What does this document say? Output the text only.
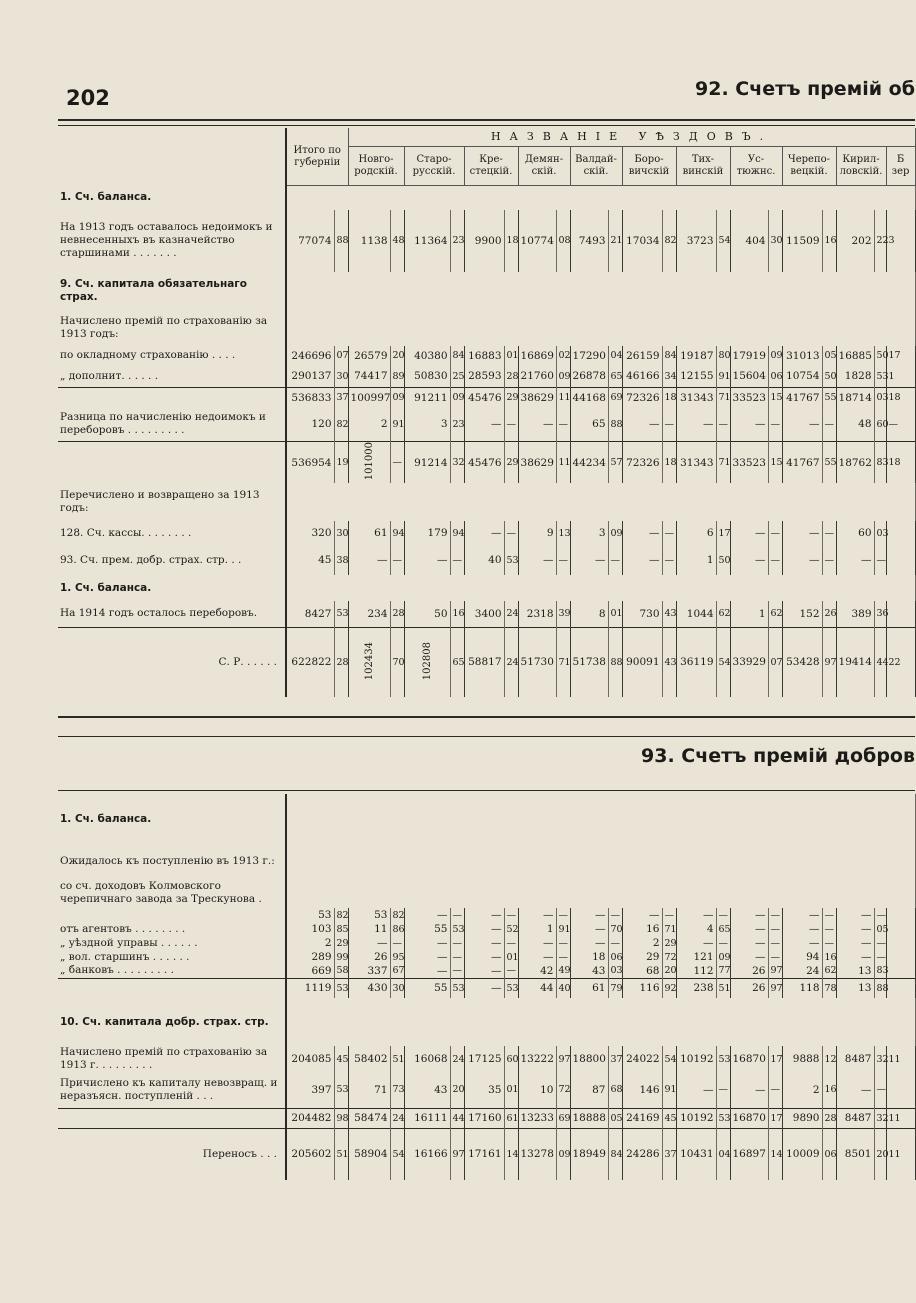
202	92. Счетъ премій об
	Итого по губерніи		НАЗВАНІЕ УѢЗДОВЪ.																				
			Новго-родскій.		Старо-русскій.		Кре-стецкій.		Демян-скій.		Валдай-скій.		Боро-вичскій		Тих-винскій		Ус-тюжнс.		Черепо-вецкій.		Кирил-ловскій.		Б зер
1. Сч. баланса.																							
На 1913 годъ оставалось недоимокъ и невнесенныхъ въ казначейство старшинами . . . . . . .	77074	88	1138	48	11364	23	9900	18	10774	08	7493	21	17034	82	3723	54	404	30	11509	16	202	22	3
9. Сч. капитала обязательнаго страх.																							
Начислено премій по страхованію за 1913 годъ:																							
по окладному страхованію . . . .	246696	07	26579	20	40380	84	16883	01	16869	02	17290	04	26159	84	19187	80	17919	09	31013	05	16885	50	17
„ дополнит. . . . . .	290137	30	74417	89	50830	25	28593	28	21760	09	26878	65	46166	34	12155	91	15604	06	10754	50	1828	53	1
	536833	37	100997	09	91211	09	45476	29	38629	11	44168	69	72326	18	31343	71	33523	15	41767	55	18714	03	18
Разница по начисленію недоимокъ и переборовъ . . . . . . . . .	120	82	2	91	3	23	—	—	—	—	65	88	—	—	—	—	—	—	—	—	48	60	—
	536954	19	101000	—	91214	32	45476	29	38629	11	44234	57	72326	18	31343	71	33523	15	41767	55	18762	83	18
Перечислено и возвращено за 1913 годъ:																							
128. Сч. кассы. . . . . . . .	320	30	61	94	179	94	—	—	9	13	3	09	—	—	6	17	—	—	—	—	60	03	
93. Сч. прем. добр. страх. стр. . .	45	38	—	—	—	—	40	53	—	—	—	—	—	—	1	50	—	—	—	—	—	—	
1. Сч. баланса.																							
На 1914 годъ осталось переборовъ.	8427	53	234	28	50	16	3400	24	2318	39	8	01	730	43	1044	62	1	62	152	26	389	36	
С. Р. . . . . .	622822	28	102434	70	102808	65	58817	24	51730	71	51738	88	90091	43	36119	54	33929	07	53428	97	19414	44	22
93. Счетъ премій добров
1. Сч. баланса.																							
Ожидалось къ поступленію въ 1913 г.:																							
со сч. доходовъ Колмовского черепичнаго завода за Трескунова .																							
	53	82	53	82	—	—	—	—	—	—	—	—	—	—	—	—	—	—	—	—	—	—	
отъ агентовъ . . . . . . . .	103	85	11	86	55	53	—	52	1	91	—	70	16	71	4	65	—	—	—	—	—	05	
„ уѣздной управы . . . . . .	2	29	—	—	—	—	—	—	—	—	—	—	2	29	—	—	—	—	—	—	—	—	
„ вол. старшинъ . . . . . .	289	99	26	95	—	—	—	01	—	—	18	06	29	72	121	09	—	—	94	16	—	—	
„ банковъ . . . . . . . . .	669	58	337	67	—	—	—	—	42	49	43	03	68	20	112	77	26	97	24	62	13	83	
	1119	53	430	30	55	53	—	53	44	40	61	79	116	92	238	51	26	97	118	78	13	88	
10. Сч. капитала добр. страх. стр.																							
Начислено премій по страхованію за 1913 г. . . . . . . . .	204085	45	58402	51	16068	24	17125	60	13222	97	18800	37	24022	54	10192	53	16870	17	9888	12	8487	32	11
Причислено къ капиталу невозвращ. и неразъясн. поступленій . . .	397	53	71	73	43	20	35	01	10	72	87	68	146	91	—	—	—	—	2	16	—	—	
	204482	98	58474	24	16111	44	17160	61	13233	69	18888	05	24169	45	10192	53	16870	17	9890	28	8487	32	11
Переносъ . . .	205602	51	58904	54	16166	97	17161	14	13278	09	18949	84	24286	37	10431	04	16897	14	10009	06	8501	20	11
